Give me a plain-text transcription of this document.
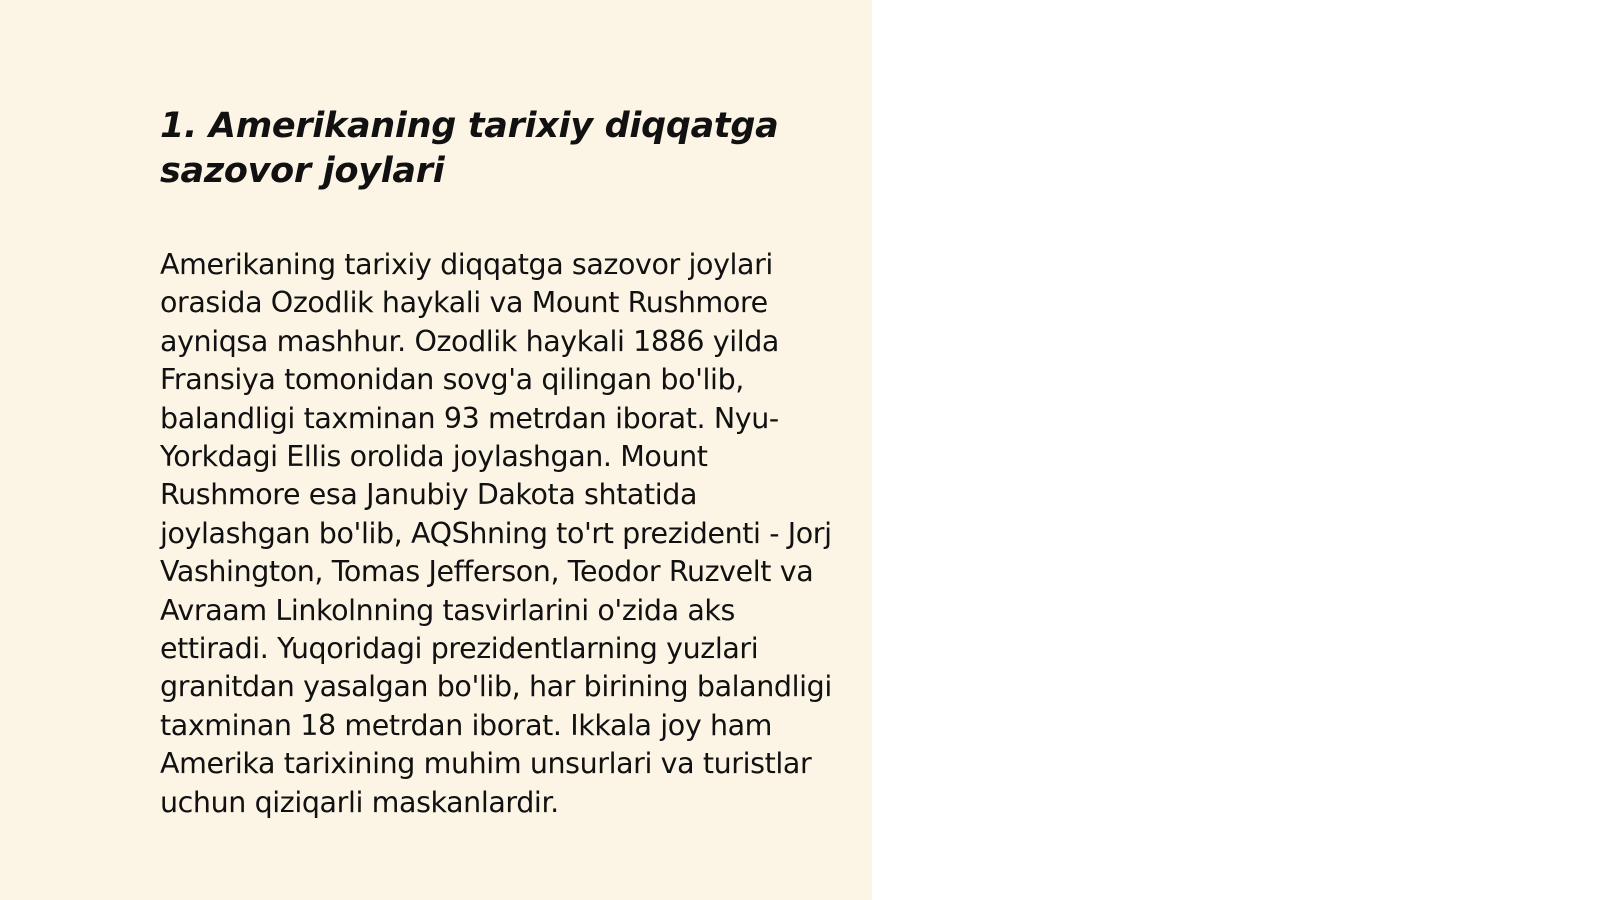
1. Amerikaning tarixiy diqqatga sazovor joylari

Amerikaning tarixiy diqqatga sazovor joylari orasida Ozodlik haykali va Mount Rushmore ayniqsa mashhur. Ozodlik haykali 1886 yilda Fransiya tomonidan sovg'a qilingan bo'lib, balandligi taxminan 93 metrdan iborat. Nyu-Yorkdagi Ellis orolida joylashgan. Mount Rushmore esa Janubiy Dakota shtatida joylashgan bo'lib, AQShning to'rt prezidenti - Jorj Vashington, Tomas Jefferson, Teodor Ruzvelt va Avraam Linkolnning tasvirlarini o'zida aks ettiradi. Yuqoridagi prezidentlarning yuzlari granitdan yasalgan bo'lib, har birining balandligi taxminan 18 metrdan iborat. Ikkala joy ham Amerika tarixining muhim unsurlari va turistlar uchun qiziqarli maskanlardir.
